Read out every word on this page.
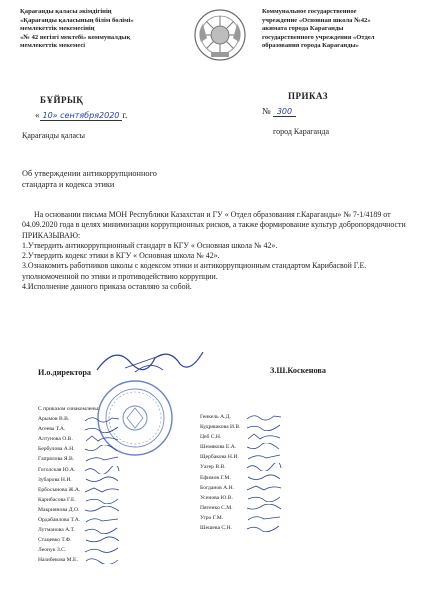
Қарағанды қаласы әкімдігінің
«Қарағанды қаласының білім бөлімі»
мемлекеттік мекемесінің
«№ 42 негізгі мектебі» коммуналдық
мемлекеттік мекемесі
Коммунальное государственное
учреждение «Основная школа №42»
акимата города Караганды
государственного учреждения «Отдел
образования города Караганды»
БҰЙРЫҚ	ПРИКАЗ
« 10» сентября2020 г.	№ 300
Қарағанды қаласы	город Караганда
Об утверждении антикоррупционного
стандарта и кодекса этики

На основании письма МОН Республики Казахстан и ГУ « Отдел образования г.Караганды» № 7-1/4189 от 04.09.2020 года в целях минимизации коррупционных рисков, а также формирование культур добропорядочности ПРИКАЗЫВАЮ:

1.Утвердить антикоррупционный стандарт в КГУ « Основная школа № 42».

2.Утвердить кодекс этики в КГУ « Основная школа № 42».

3.Ознакомить работников школы с кодексом этики и антикоррупционным стандартом Карибасвой Г.Е. уполномоченной по этики и противодействию коррупции.

4.Исполнение данного приказа оставляю за собой.

И.о.директора	З.Ш.Коскенова
С приказом ознакомлены:
Арымов В.В.
Агеева Т.А.
Алтунова О.В.
Бербулова А.Н.
Гапрялова Я.В.
Гоголская Ю.А.
Зубарова Н.И.
Ербосынова Ж.А.
Карибасова Г.Е.
Макриянова Д.О.
Ордабаилова Т.А.
Лутманова А.Т.
Стацевко Т.Ф.
Леонук З.С.
Назибекова М.Е.
Генкель А.Д.
Кудряшкова И.В.
Цеб С.Н.
Шемякова Е.А.
Щербакова Н.И.
Уагер В.В.
Ефимов Г.М.
Богданов А.Н.
Усенова Ю.В.
Пятенко С.М.
Угро Г.М.
Шешева С.Н.
